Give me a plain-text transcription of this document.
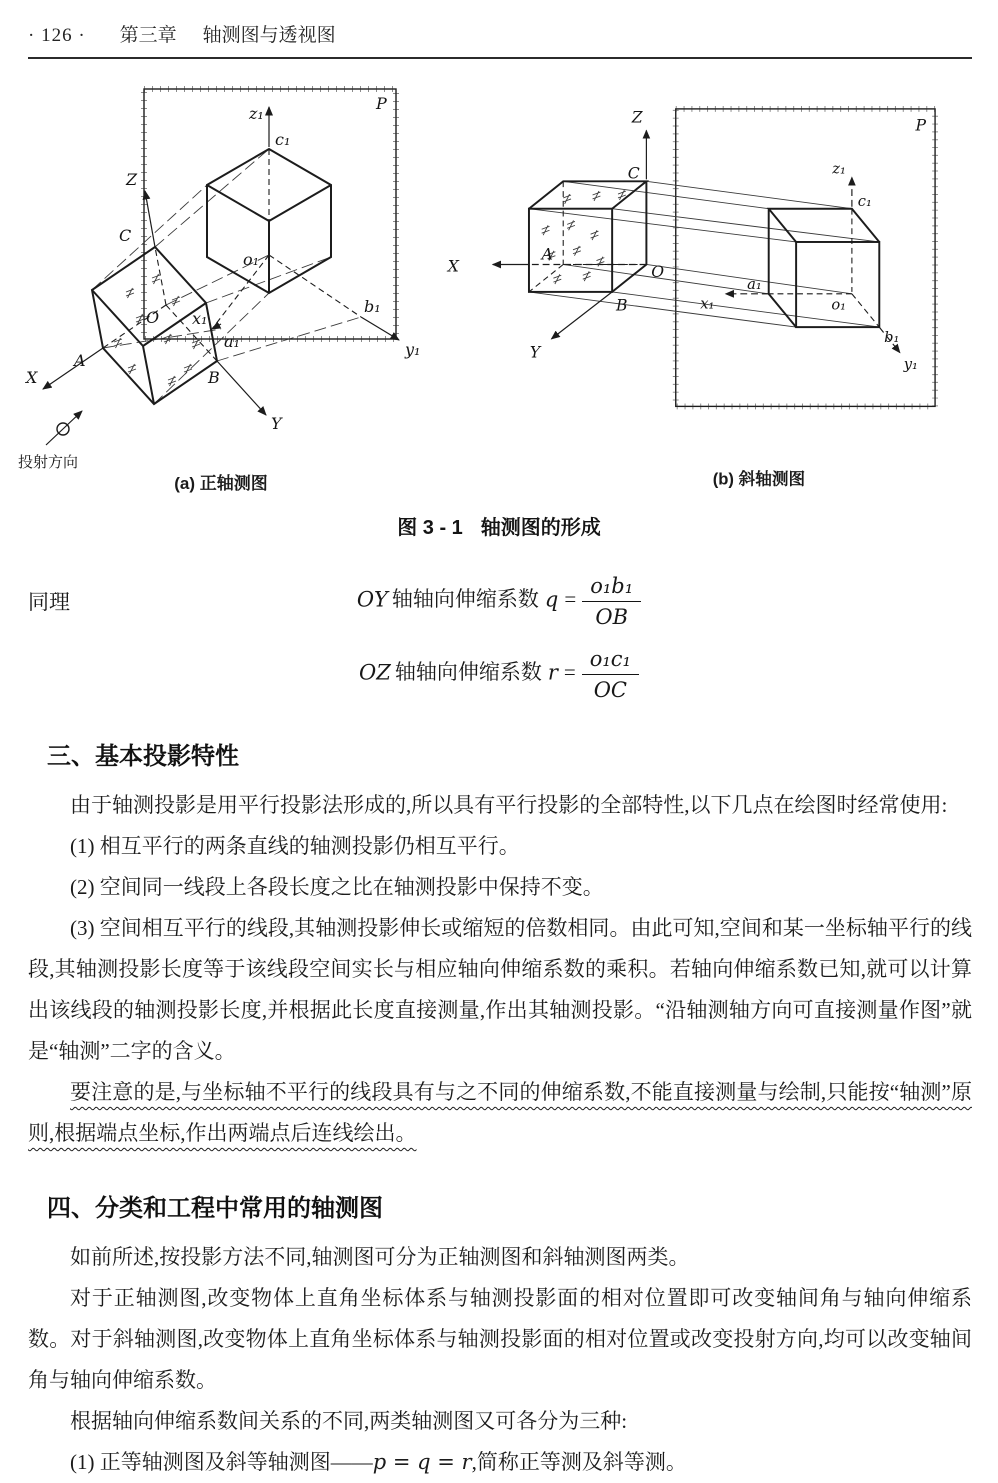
· 126 · 第三章 轴测图与透视图
P
z₁
c₁
o₁
b₁
y₁
x₁
a₁
Z
C
X
A
O
B
Y
投射方向
(a) 正轴测图
P
Z
C
A
O
B
X
Y
z₁
c₁
o₁
a₁
x₁
b₁
y₁
(b) 斜轴测图
图 3 - 1 轴测图的形成
同理	OY 轴轴向伸缩系数 $q = \frac{\text{o₁b₁}}{OB}$
OZ 轴轴向伸缩系数 $r = \frac{\text{o₁c₁}}{OC}$
三、基本投影特性

由于轴测投影是用平行投影法形成的,所以具有平行投影的全部特性,以下几点在绘图时经常使用:

(1) 相互平行的两条直线的轴测投影仍相互平行。

(2) 空间同一线段上各段长度之比在轴测投影中保持不变。

(3) 空间相互平行的线段,其轴测投影伸长或缩短的倍数相同。由此可知,空间和某一坐标轴平行的线段,其轴测投影长度等于该线段空间实长与相应轴向伸缩系数的乘积。若轴向伸缩系数已知,就可以计算出该线段的轴测投影长度,并根据此长度直接测量,作出其轴测投影。“沿轴测轴方向可直接测量作图”就是“轴测”二字的含义。

要注意的是,与坐标轴不平行的线段具有与之不同的伸缩系数,不能直接测量与绘制,只能按“轴测”原则,根据端点坐标,作出两端点后连线绘出。

四、分类和工程中常用的轴测图

如前所述,按投影方法不同,轴测图可分为正轴测图和斜轴测图两类。

对于正轴测图,改变物体上直角坐标体系与轴测投影面的相对位置即可改变轴间角与轴向伸缩系数。对于斜轴测图,改变物体上直角坐标体系与轴测投影面的相对位置或改变投射方向,均可以改变轴间角与轴向伸缩系数。

根据轴向伸缩系数间关系的不同,两类轴测图又可各分为三种:

(1) 正等轴测图及斜等轴测图——p = q = r,简称正等测及斜等测。
